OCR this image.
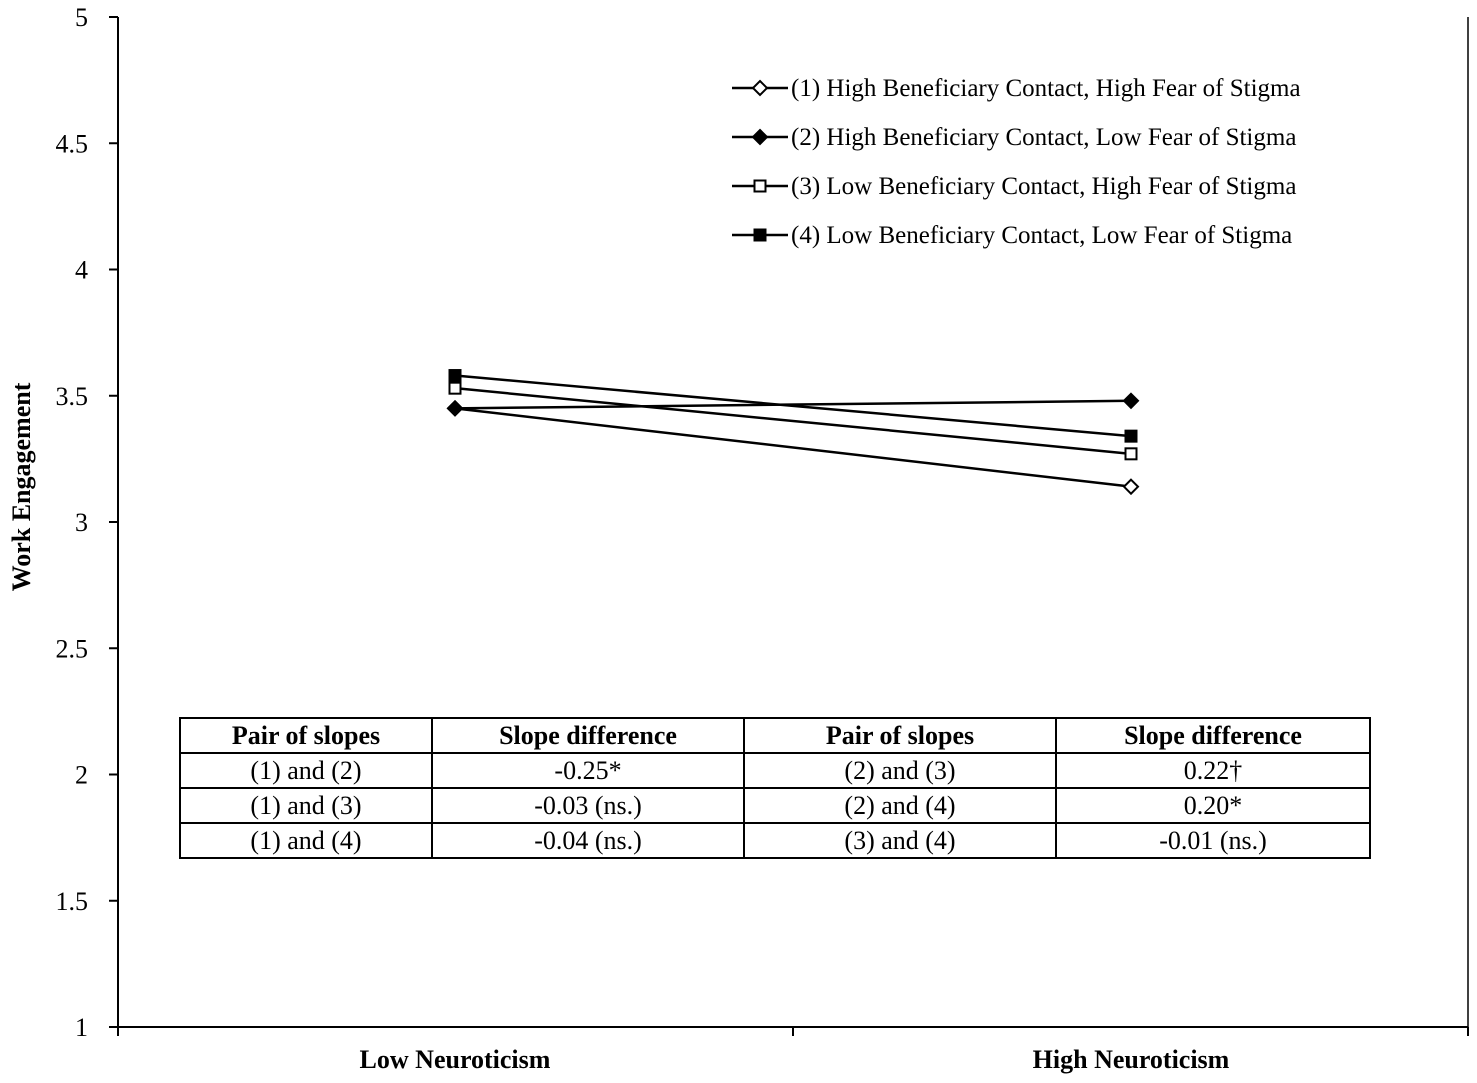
1
1.5
2
2.5
3
3.5
4
4.5
5
Low Neuroticism	High Neuroticism
Work Engagement
(1) High Beneficiary Contact, High Fear of Stigma
(2) High Beneficiary Contact, Low Fear of Stigma
(3) Low Beneficiary Contact, High Fear of Stigma
(4) Low Beneficiary Contact, Low Fear of Stigma
Pair of slopes	Slope difference	Pair of slopes	Slope difference
(1) and (2)	-0.25*	(2) and (3)	0.22†
(1) and (3)	-0.03 (ns.)	(2) and (4)	0.20*
(1) and (4)	-0.04 (ns.)	(3) and (4)	-0.01 (ns.)
